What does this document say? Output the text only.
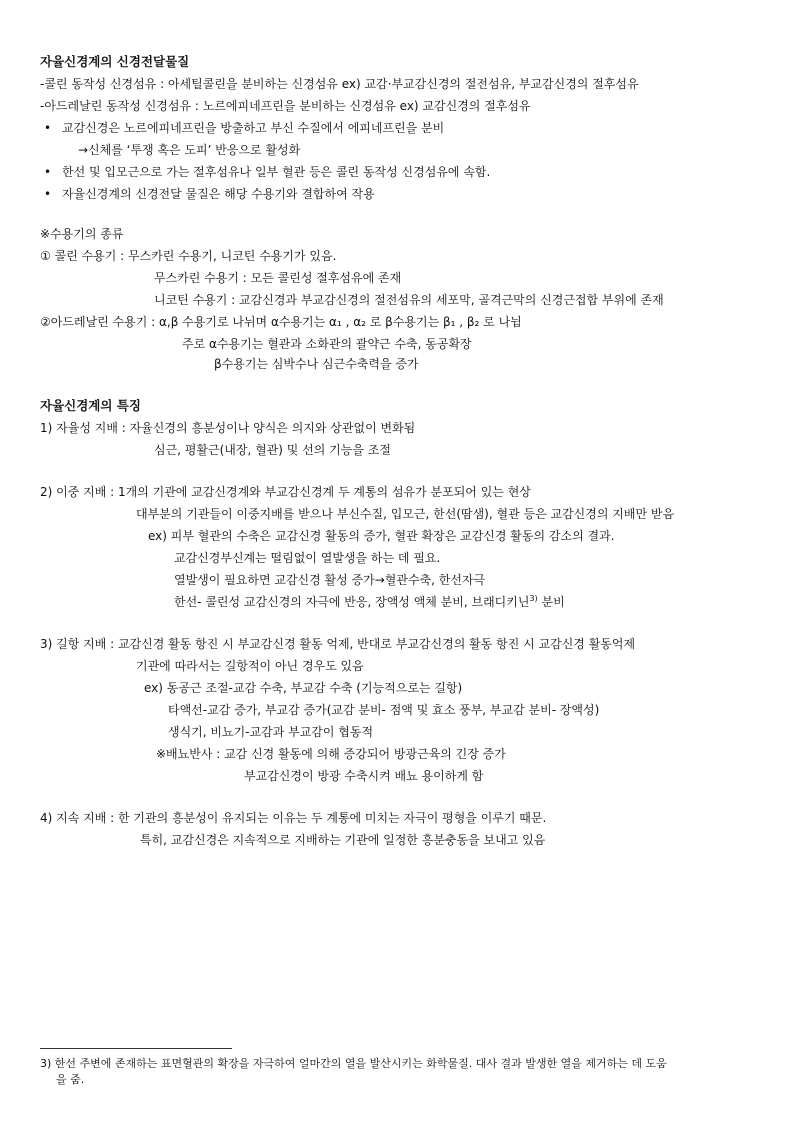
자율신경계의 신경전달물질
-콜린 동작성 신경섬유 : 아세틸콜린을 분비하는 신경섬유 ex) 교감·부교감신경의 절전섬유, 부교감신경의 절후섬유
-아드레날린 동작성 신경섬유 : 노르에피네프린을 분비하는 신경섬유 ex) 교감신경의 절후섬유
• 교감신경은 노르에피네프린을 방출하고 부신 수질에서 에피네프린을 분비
→신체를 ‘투쟁 혹은 도피’ 반응으로 활성화
• 한선 및 입모근으로 가는 절후섬유나 일부 혈관 등은 콜린 동작성 신경섬유에 속함.
• 자율신경계의 신경전달 물질은 해당 수용기와 결합하여 작용
※수용기의 종류
① 콜린 수용기 : 무스카린 수용기, 니코틴 수용기가 있음.
무스카린 수용기 : 모든 콜린성 절후섬유에 존재
니코틴 수용기 : 교감신경과 부교감신경의 절전섬유의 세포막, 골격근막의 신경근접합 부위에 존재
②아드레날린 수용기 : α,β 수용기로 나뉘며 α수용기는 α₁ , α₂ 로 β수용기는 β₁ , β₂ 로 나뉨
주로 α수용기는 혈관과 소화관의 괄약근 수축, 동공확장
β수용기는 심박수나 심근수축력을 증가
자율신경계의 특징
1) 자율성 지배 : 자율신경의 흥분성이나 양식은 의지와 상관없이 변화됨
심근, 평활근(내장, 혈관) 및 선의 기능을 조절
2) 이중 지배 : 1개의 기관에 교감신경계와 부교감신경계 두 계통의 섬유가 분포되어 있는 현상
대부분의 기관들이 이중지배를 받으나 부신수질, 입모근, 한선(땀샘), 혈관 등은 교감신경의 지배만 받음
ex) 피부 혈관의 수축은 교감신경 활동의 증가, 혈관 확장은 교감신경 활동의 감소의 결과.
교감신경부신계는 떨림없이 열발생을 하는 데 필요.
열발생이 필요하면 교감신경 활성 증가→혈관수축, 한선자극
한선- 콜린성 교감신경의 자극에 반응, 장액성 액체 분비, 브래디키닌$^{3)}$ 분비
3) 길항 지배 : 교감신경 활동 항진 시 부교감신경 활동 억제, 반대로 부교감신경의 활동 항진 시 교감신경 활동억제
기관에 따라서는 길항적이 아닌 경우도 있음
ex) 동공근 조절-교감 수축, 부교감 수축 (기능적으로는 길항)
타액선-교감 증가, 부교감 증가(교감 분비- 점액 및 효소 풍부, 부교감 분비- 장액성)
생식기, 비뇨기-교감과 부교감이 협동적
※배뇨반사 : 교감 신경 활동에 의해 증강되어 방광근육의 긴장 증가
부교감신경이 방광 수축시켜 배뇨 용이하게 함
4) 지속 지배 : 한 기관의 흥분성이 유지되는 이유는 두 계통에 미치는 자극이 평형을 이루기 때문.
특히, 교감신경은 지속적으로 지배하는 기관에 일정한 흥분충동을 보내고 있음
3) 한선 주변에 존재하는 표면혈관의 확장을 자극하여 얼마간의 열을 발산시키는 화학물질. 대사 결과 발생한 열을 제거하는 데 도움
을 줌.
